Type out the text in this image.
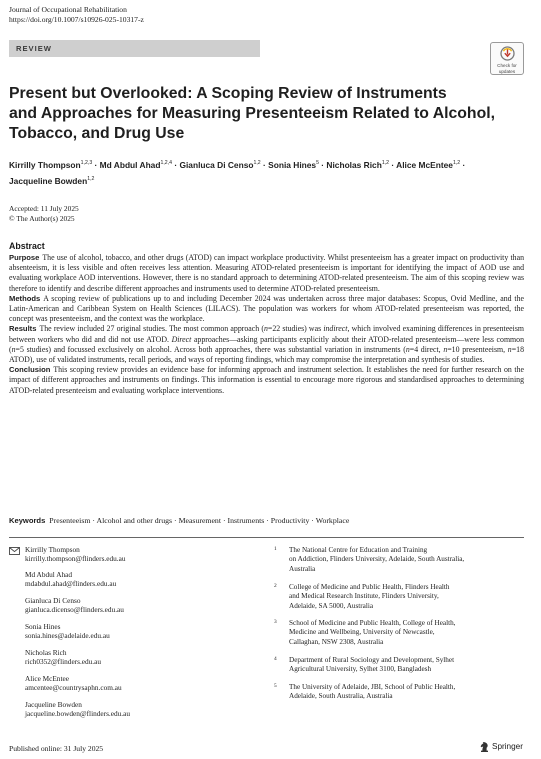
Journal of Occupational Rehabilitation
https://doi.org/10.1007/s10926-025-10317-z
REVIEW
Check for
updates
Present but Overlooked: A Scoping Review of Instruments
and Approaches for Measuring Presenteeism Related to Alcohol,
Tobacco, and Drug Use
Kirrilly Thompson$^{1,2,3}$ · Md Abdul Ahad$^{1,2,4}$ · Gianluca Di Censo$^{1,2}$ · Sonia Hines$^5$ · Nicholas Rich$^{1,2}$ · Alice McEntee$^{1,2}$ ·
Jacqueline Bowden$^{1,2}$
Accepted: 11 July 2025
© The Author(s) 2025
Abstract

Purpose The use of alcohol, tobacco, and other drugs (ATOD) can impact workplace productivity. Whilst presenteeism has a greater impact on productivity than absenteeism, it is less visible and often receives less attention. Measuring ATOD-related presenteeism is important for identifying the impact of AOD use and evaluating workplace AOD interventions. However, there is no standard approach to determining ATOD-related presenteeism. The aim of this scoping review was therefore to identify and describe different approaches and instruments used to determine ATOD-related presenteeism.

Methods A scoping review of publications up to and including December 2024 was undertaken across three major databases: Scopus, Ovid Medline, and the Latin-American and Caribbean System on Health Sciences (LILACS). The population was workers for whom ATOD-related presenteeism was reported, the concept was presenteeism, and the context was the workplace.

Results The review included 27 original studies. The most common approach (n=22 studies) was indirect, which involved examining differences in presenteeism between workers who did and did not use ATOD. Direct approaches—asking participants explicitly about their ATOD-related presenteeism—were less common (n=5 studies) and focussed exclusively on alcohol. Across both approaches, there was substantial variation in instruments (n=4 direct, n=10 presenteeism, n=18 ATOD), use of validated instruments, recall periods, and ways of reporting findings, which may compromise the interpretation and synthesis of studies.

Conclusion This scoping review provides an evidence base for informing approach and instrument selection. It establishes the need for further research on the impact of different approaches and instruments on findings. This information is essential to encourage more rigorous and standardised approaches to determining ATOD-related presenteeism and evaluating workplace interventions.

Keywords Presenteeism · Alcohol and other drugs · Measurement · Instruments · Productivity · Workplace
Kirrilly Thompson
kirrilly.thompson@flinders.edu.au
Md Abdul Ahad
mdabdul.ahad@flinders.edu.au
Gianluca Di Censo
gianluca.dicenso@flinders.edu.au
Sonia Hines
sonia.hines@adelaide.edu.au
Nicholas Rich
rich0352@flinders.edu.au
Alice McEntee
amcentee@countrysaphn.com.au
Jacqueline Bowden
jacqueline.bowden@flinders.edu.au
1 The National Centre for Education and Training
on Addiction, Flinders University, Adelaide, South Australia,
Australia
2 College of Medicine and Public Health, Flinders Health
and Medical Research Institute, Flinders University,
Adelaide, SA 5000, Australia
3 School of Medicine and Public Health, College of Health,
Medicine and Wellbeing, University of Newcastle,
Callaghan, NSW 2308, Australia
4 Department of Rural Sociology and Development, Sylhet
Agricultural University, Sylhet 3100, Bangladesh
5 The University of Adelaide, JBI, School of Public Health,
Adelaide, South Australia, Australia
Published online: 31 July 2025	Springer
